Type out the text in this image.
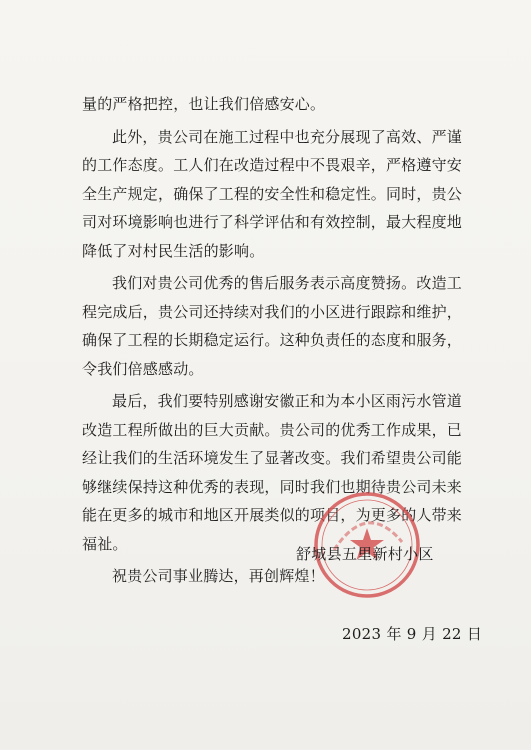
量的严格把控，也让我们倍感安心。

此外，贵公司在施工过程中也充分展现了高效、严谨的工作态度。工人们在改造过程中不畏艰辛，严格遵守安全生产规定，确保了工程的安全性和稳定性。同时，贵公司对环境影响也进行了科学评估和有效控制，最大程度地降低了对村民生活的影响。

我们对贵公司优秀的售后服务表示高度赞扬。改造工程完成后，贵公司还持续对我们的小区进行跟踪和维护，确保了工程的长期稳定运行。这种负责任的态度和服务，令我们倍感感动。

最后，我们要特别感谢安徽正和为本小区雨污水管道改造工程所做出的巨大贡献。贵公司的优秀工作成果，已经让我们的生活环境发生了显著改变。我们希望贵公司能够继续保持这种优秀的表现，同时我们也期待贵公司未来能在更多的城市和地区开展类似的项目，为更多的人带来福祉。

祝贵公司事业腾达，再创辉煌！

舒城县五里新村小区
2023 年 9 月 22 日
